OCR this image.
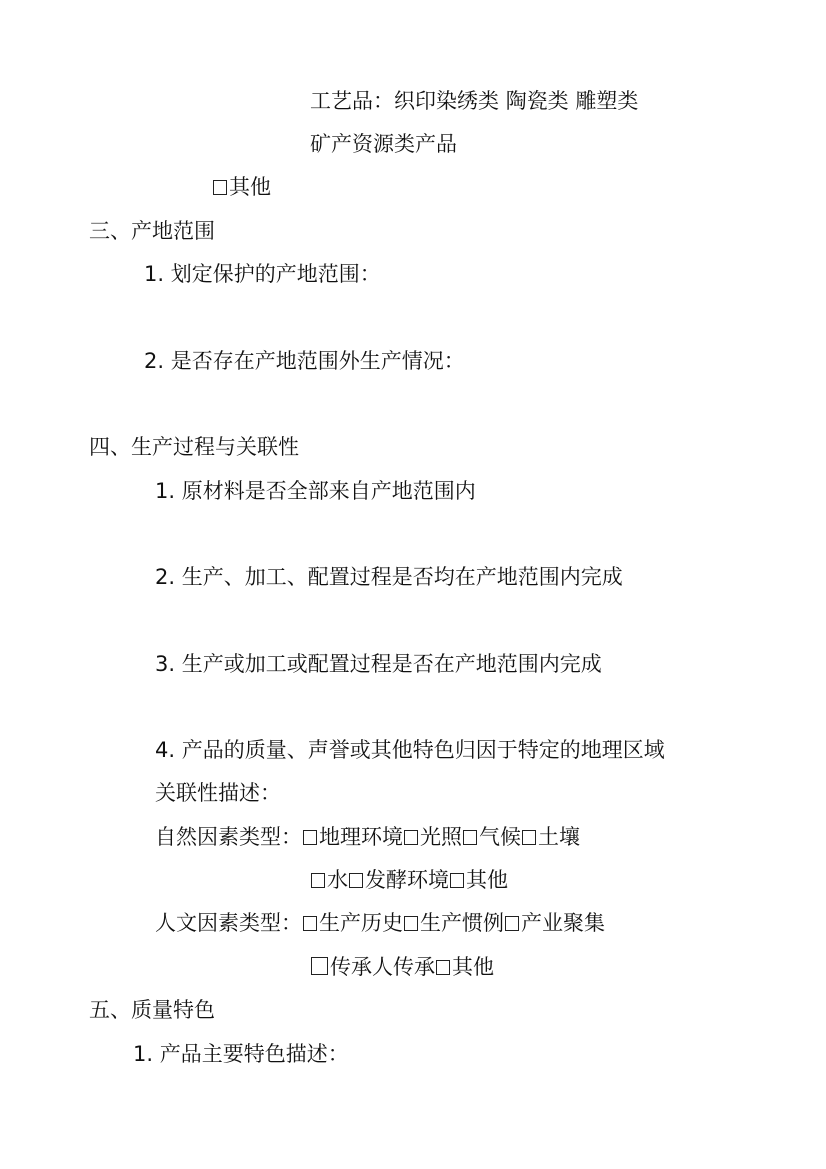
工艺品：织印染绣类 陶瓷类 雕塑类
矿产资源类产品
其他
三、产地范围
1. 划定保护的产地范围：
2. 是否存在产地范围外生产情况：
四、生产过程与关联性
1. 原材料是否全部来自产地范围内
2. 生产、加工、配置过程是否均在产地范围内完成
3. 生产或加工或配置过程是否在产地范围内完成
4. 产品的质量、声誉或其他特色归因于特定的地理区域
关联性描述：
自然因素类型： 地理环境 光照 气候 土壤
水 发酵环境 其他
人文因素类型： 生产历史 生产惯例 产业聚集
传承人传承 其他
五、质量特色
1. 产品主要特色描述：
